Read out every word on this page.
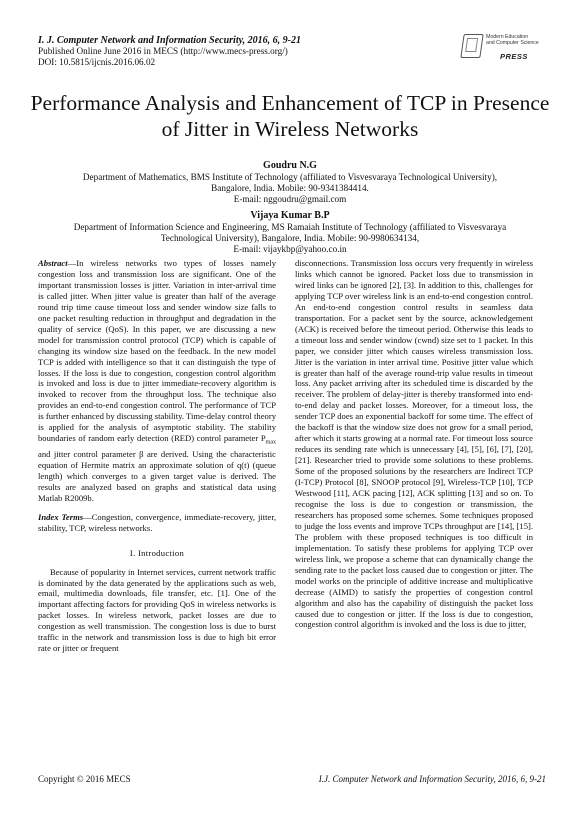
I. J. Computer Network and Information Security, 2016, 6, 9-21
Published Online June 2016 in MECS (http://www.mecs-press.org/)
DOI: 10.5815/ijcnis.2016.06.02
Modern Education
and Computer Science
PRESS
Performance Analysis and Enhancement of TCP in Presence of Jitter in Wireless Networks
Goudru N.G
Department of Mathematics, BMS Institute of Technology (affiliated to Visvesvaraya Technological University),
Bangalore, India. Mobile: 90-9341384414.
E-mail: nggoudru@gmail.com
Vijaya Kumar B.P
Department of Information Science and Engineering, MS Ramaiah Institute of Technology (affiliated to Visvesvaraya
Technological University), Bangalore, India. Mobile: 90-9980634134,
E-mail: vijaykbp@yahoo.co.in

Abstract—In wireless networks two types of losses namely congestion loss and transmission loss are significant. One of the important transmission losses is jitter. Variation in inter-arrival time is called jitter. When jitter value is greater than half of the average round trip time cause timeout loss and sender window size falls to one packet resulting reduction in throughput and degradation in the quality of service (QoS). In this paper, we are discussing a new model for transmission control protocol (TCP) which is capable of changing its window size based on the feedback. In the new model TCP is added with intelligence so that it can distinguish the type of losses. If the loss is due to congestion, congestion control algorithm is invoked and loss is due to jitter immediate-recovery algorithm is invoked to recover from the throughput loss. The technique also provides an end-to-end congestion control. The performance of TCP is further enhanced by discussing stability. Time-delay control theory is applied for the analysis of asymptotic stability. The stability boundaries of random early detection (RED) control parameter $P_{max}$ and jitter control parameter β are derived. Using the characteristic equation of Hermite matrix an approximate solution of q(t) (queue length) which converges to a given target value is derived. The results are analyzed based on graphs and statistical data using Matlab R2009b.

Index Terms—Congestion, convergence, immediate-recovery, jitter, stability, TCP, wireless networks.

I. Introduction

Because of popularity in Internet services, current network traffic is dominated by the data generated by the applications such as web, email, multimedia downloads, file transfer, etc. [1]. One of the important affecting factors for providing QoS in wireless networks is packet losses. In wireless network, packet losses are due to congestion as well transmission. The congestion loss is due to burst traffic in the network and transmission loss is due to high bit error rate or jitter or frequent

disconnections. Transmission loss occurs very frequently in wireless links which cannot be ignored. Packet loss due to transmission in wired links can be ignored [2], [3]. In addition to this, challenges for applying TCP over wireless link is an end-to-end congestion control. An end-to-end congestion control results in seamless data transportation. For a packet sent by the source, acknowledgement (ACK) is received before the timeout period. Otherwise this leads to a timeout loss and sender window (cwnd) size set to 1 packet. In this paper, we consider jitter which causes wireless transmission loss. Jitter is the variation in inter arrival time. Positive jitter value which is greater than half of the average round-trip value results in timeout loss. Any packet arriving after its scheduled time is discarded by the receiver. The problem of delay-jitter is thereby transformed into end-to-end delay and packet losses. Moreover, for a timeout loss, the sender TCP does an exponential backoff for some time. The effect of the backoff is that the window size does not grow for a small period, after which it starts growing at a normal rate. For timeout loss source reduces its sending rate which is unnecessary [4], [5], [6], [7], [20], [21]. Researcher tried to provide some solutions to these problems. Some of the proposed solutions by the researchers are Indirect TCP (I-TCP) Protocol [8], SNOOP protocol [9], Wireless-TCP [10], TCP Westwood [11], ACK pacing [12], ACK splitting [13] and so on. To recognise the loss is due to congestion or transmission, the researchers has proposed some schemes. Some techniques proposed to judge the loss events and improve TCPs throughput are [14], [15]. The problem with these proposed techniques is too difficult in implementation. To satisfy these problems for applying TCP over wireless link, we propose a scheme that can dynamically change the sending rate to the packet loss caused due to congestion or jitter. The model works on the principle of additive increase and multiplicative decrease (AIMD) to satisfy the properties of congestion control algorithm and also has the capability of distinguish the packet loss caused due to congestion or jitter. If the loss is due to congestion, congestion control algorithm is invoked and the loss is due to jitter,

Copyright © 2016 MECS	I.J. Computer Network and Information Security, 2016, 6, 9-21
